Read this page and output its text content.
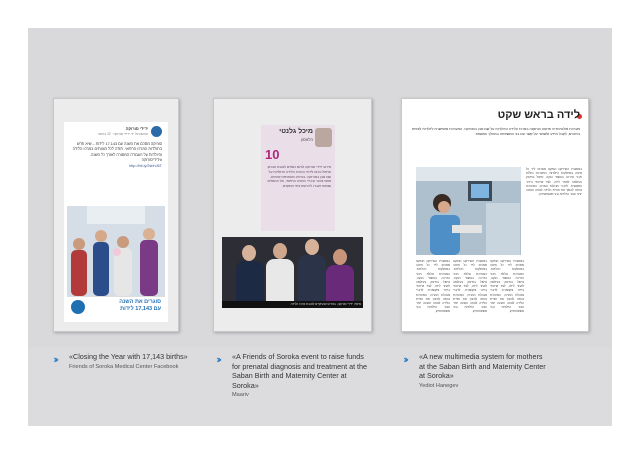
ידידי סורוקה
פורסם על ידי ידידי סורוקה · 12 בינואר
סורוקה מסכם את השנה עם 17,143 לידות – שיא חדש בתולדות המרכז הרפואי. תודה לכל הצוותים במרכז הלידה והיולדות על העבודה המסורה לאורך כל השנה. #ידידיסורוקה
http://bit.ly/2sbhJ6T
סוגרים את השנה
עם 17,143 לידות
מיכל גלנטי
הלאסון
10
אירוע ידידי סורוקה לגיוס כספים לטובת אבחון וטיפול טרום לידתי במרכז הלידה והיולדות על שם סבן בסורוקה. באירוע השתתפו תורמים, אנשי ציבור ובכירי המרכז הרפואי, וכל הכספים שגויסו יועברו לרכישת ציוד מתקדם.
מימין: ידידי סורוקה, באירוע שהתקיים לטובת מרכז הלידה
לידה בראש שקט
מערכת מולטימדיה חדשה הותקנה במרכז הלידה והיולדות על שם סבן בסורוקה. המערכת מאפשרת ליולדות לצפות בתכנים, לקבל מידע ולשמור על קשר עם בני המשפחה במהלך האשפוז.
במסגרת הפרויקט הותקנו מסכים ליד כל מיטה במחלקות היולדות. המערכת כוללת תכני הדרכה בנושאי הנקה, טיפול בתינוק והחלמה לאחר לידה, לצד שירותי בידור ותקשורת. לדברי מנהלת המרכז, המערכת נועדה להפוך את חוויית הלידה לנוחה ורגועה יותר עבור היולדות ובני משפחותיהן.
במסגרת הפרויקט הותקנו מסכים ליד כל מיטה במחלקות היולדות. המערכת כוללת תכני הדרכה בנושאי הנקה, טיפול בתינוק והחלמה לאחר לידה, לצד שירותי בידור ותקשורת. לדברי מנהלת המרכז, המערכת נועדה להפוך את חוויית הלידה לנוחה ורגועה יותר עבור היולדות ובני משפחותיהן.
במסגרת הפרויקט הותקנו מסכים ליד כל מיטה במחלקות היולדות. המערכת כוללת תכני הדרכה בנושאי הנקה, טיפול בתינוק והחלמה לאחר לידה, לצד שירותי בידור ותקשורת. לדברי מנהלת המרכז, המערכת נועדה להפוך את חוויית הלידה לנוחה ורגועה יותר עבור היולדות ובני משפחותיהן.
במסגרת הפרויקט הותקנו מסכים ליד כל מיטה במחלקות היולדות. המערכת כוללת תכני הדרכה בנושאי הנקה, טיפול בתינוק והחלמה לאחר לידה, לצד שירותי בידור ותקשורת. לדברי מנהלת המרכז, המערכת נועדה להפוך את חוויית הלידה לנוחה ורגועה יותר עבור היולדות ובני משפחותיהן.
›› «Closing the Year with 17,143 births»
Friends of Soroka Medical Center Facebook
›› «A Friends of Soroka event to raise funds for prenatal diagnosis and treatment at the Saban Birth and Maternity Center at Soroka»
Maariv
›› «A new multimedia system for mothers at the Saban Birth and Maternity Center at Soroka»
Yediot Hanegev
